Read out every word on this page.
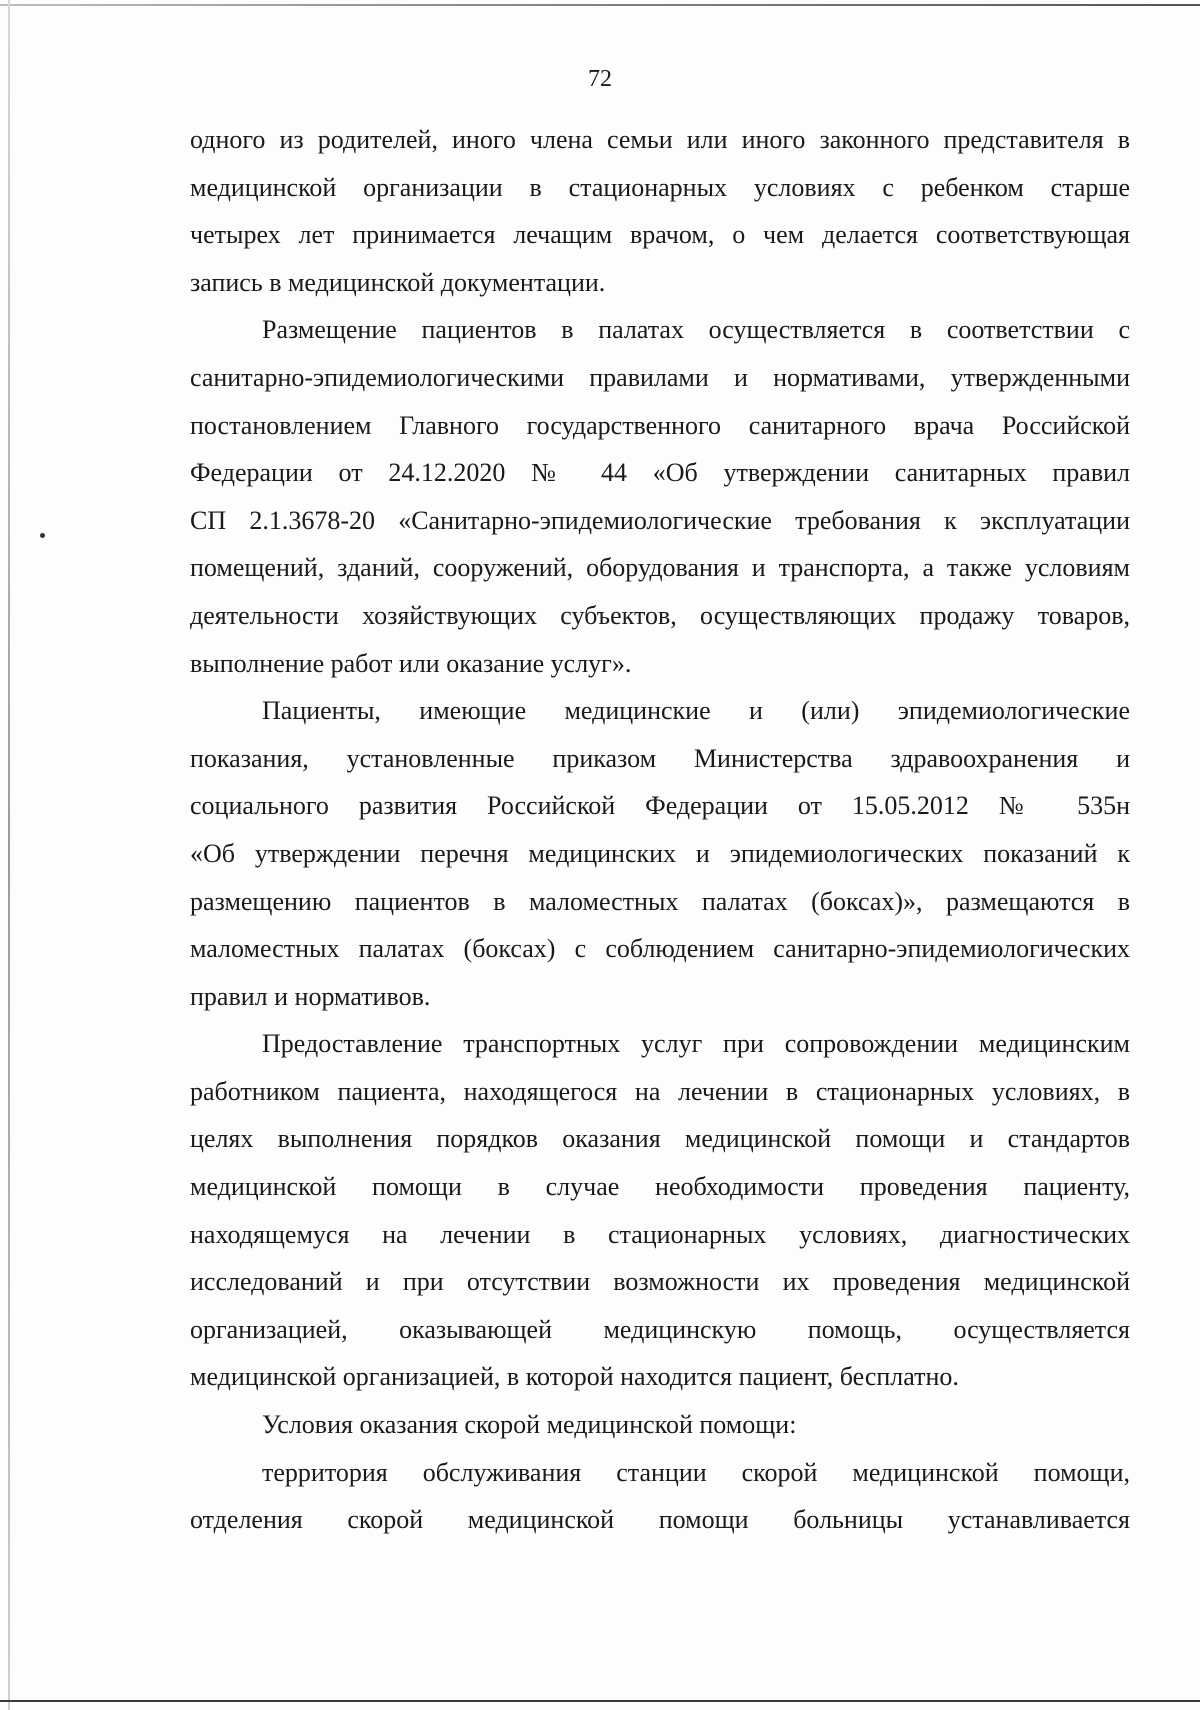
72
одного из родителей, иного члена семьи или иного законного представителя в
медицинской организации в стационарных условиях с ребенком старше
четырех лет принимается лечащим врачом, о чем делается соответствующая
запись в медицинской документации.
Размещение пациентов в палатах осуществляется в соответствии с
санитарно-эпидемиологическими правилами и нормативами, утвержденными
постановлением Главного государственного санитарного врача Российской
Федерации от 24.12.2020 № 44 «Об утверждении санитарных правил
СП 2.1.3678-20 «Санитарно-эпидемиологические требования к эксплуатации
помещений, зданий, сооружений, оборудования и транспорта, а также условиям
деятельности хозяйствующих субъектов, осуществляющих продажу товаров,
выполнение работ или оказание услуг».
Пациенты, имеющие медицинские и (или) эпидемиологические
показания, установленные приказом Министерства здравоохранения и
социального развития Российской Федерации от 15.05.2012 № 535н
«Об утверждении перечня медицинских и эпидемиологических показаний к
размещению пациентов в маломестных палатах (боксах)», размещаются в
маломестных палатах (боксах) с соблюдением санитарно-эпидемиологических
правил и нормативов.
Предоставление транспортных услуг при сопровождении медицинским
работником пациента, находящегося на лечении в стационарных условиях, в
целях выполнения порядков оказания медицинской помощи и стандартов
медицинской помощи в случае необходимости проведения пациенту,
находящемуся на лечении в стационарных условиях, диагностических
исследований и при отсутствии возможности их проведения медицинской
организацией, оказывающей медицинскую помощь, осуществляется
медицинской организацией, в которой находится пациент, бесплатно.
Условия оказания скорой медицинской помощи:
территория обслуживания станции скорой медицинской помощи,
отделения скорой медицинской помощи больницы устанавливается
